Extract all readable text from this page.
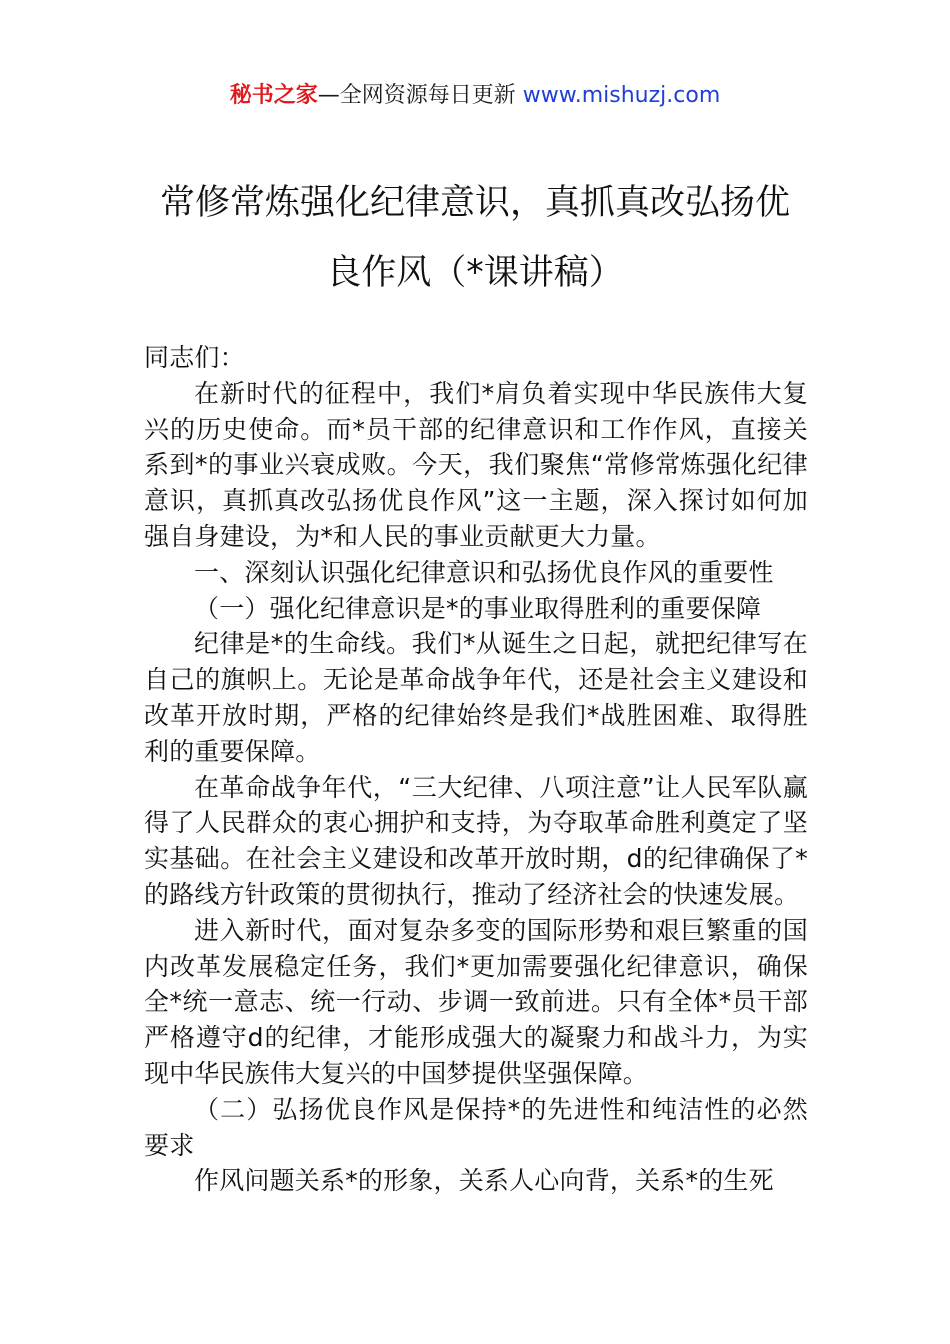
秘书之家—全网资源每日更新 www.mishuzj.com
常修常炼强化纪律意识，真抓真改弘扬优
良作风（*课讲稿）

同志们：

在新时代的征程中，我们*肩负着实现中华民族伟大复兴的历史使命。而*员干部的纪律意识和工作作风，直接关系到*的事业兴衰成败。今天，我们聚焦“常修常炼强化纪律意识，真抓真改弘扬优良作风”这一主题，深入探讨如何加强自身建设，为*和人民的事业贡献更大力量。

一、深刻认识强化纪律意识和弘扬优良作风的重要性

（一）强化纪律意识是*的事业取得胜利的重要保障

纪律是*的生命线。我们*从诞生之日起，就把纪律写在自己的旗帜上。无论是革命战争年代，还是社会主义建设和改革开放时期，严格的纪律始终是我们*战胜困难、取得胜利的重要保障。

在革命战争年代，“三大纪律、八项注意”让人民军队赢得了人民群众的衷心拥护和支持，为夺取革命胜利奠定了坚实基础。在社会主义建设和改革开放时期，d的纪律确保了*的路线方针政策的贯彻执行，推动了经济社会的快速发展。

进入新时代，面对复杂多变的国际形势和艰巨繁重的国内改革发展稳定任务，我们*更加需要强化纪律意识，确保全*统一意志、统一行动、步调一致前进。只有全体*员干部严格遵守d的纪律，才能形成强大的凝聚力和战斗力，为实现中华民族伟大复兴的中国梦提供坚强保障。

（二）弘扬优良作风是保持*的先进性和纯洁性的必然要求

作风问题关系*的形象，关系人心向背，关系*的生死
